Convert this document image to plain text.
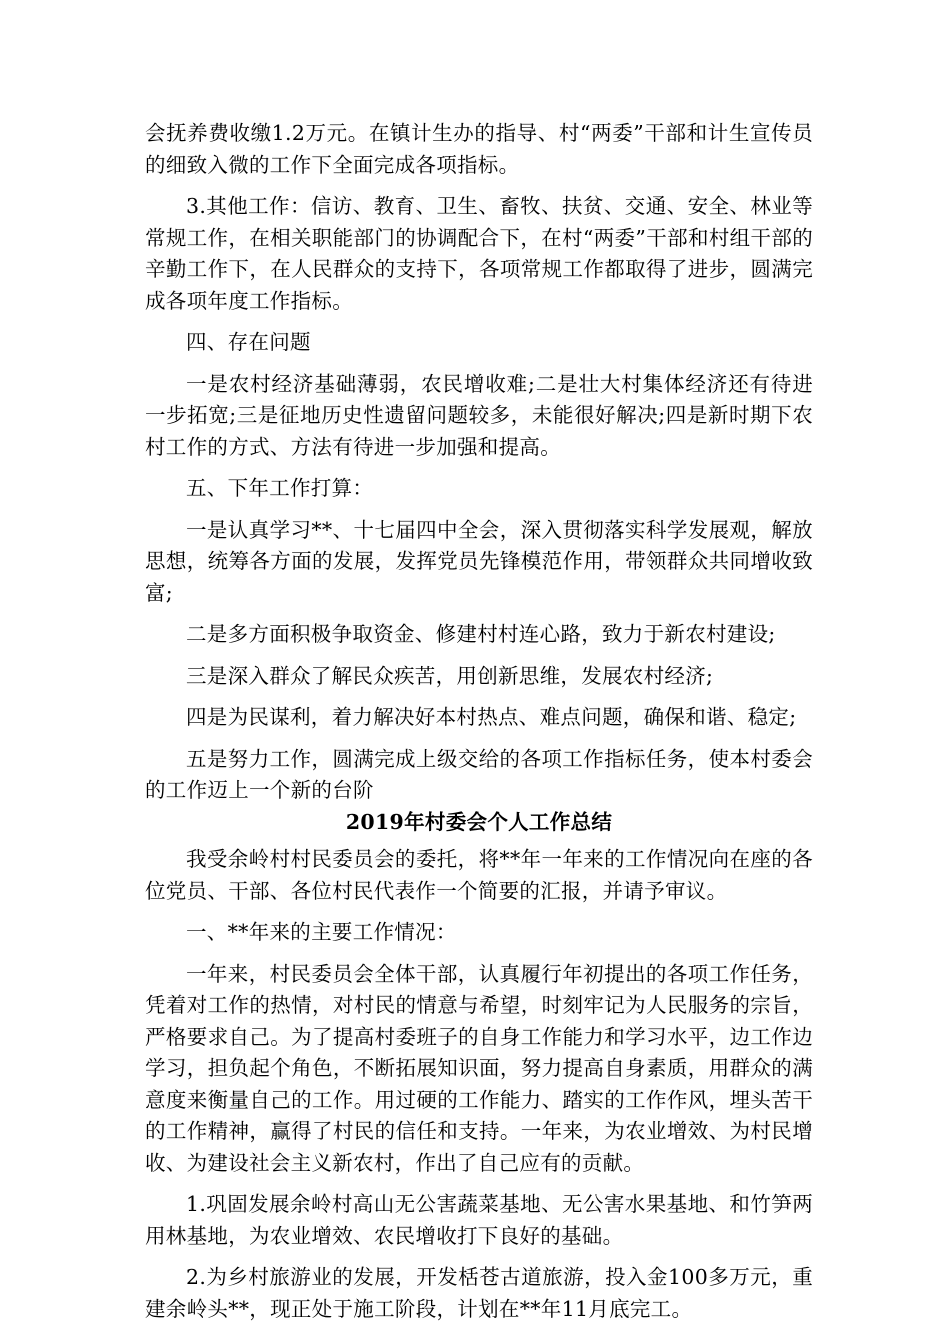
会抚养费收缴1.2万元。在镇计生办的指导、村“两委”干部和计生宣传员的细致入微的工作下全面完成各项指标。

3.其他工作：信访、教育、卫生、畜牧、扶贫、交通、安全、林业等常规工作，在相关职能部门的协调配合下，在村“两委”干部和村组干部的辛勤工作下，在人民群众的支持下，各项常规工作都取得了进步，圆满完成各项年度工作指标。

四、存在问题

一是农村经济基础薄弱，农民增收难;二是壮大村集体经济还有待进一步拓宽;三是征地历史性遗留问题较多，未能很好解决;四是新时期下农村工作的方式、方法有待进一步加强和提高。

五、下年工作打算：

一是认真学习**、十七届四中全会，深入贯彻落实科学发展观，解放思想，统筹各方面的发展，发挥党员先锋模范作用，带领群众共同增收致富;

二是多方面积极争取资金、修建村村连心路，致力于新农村建设;

三是深入群众了解民众疾苦，用创新思维，发展农村经济;

四是为民谋利，着力解决好本村热点、难点问题，确保和谐、稳定;

五是努力工作，圆满完成上级交给的各项工作指标任务，使本村委会的工作迈上一个新的台阶

2019年村委会个人工作总结

我受余岭村村民委员会的委托，将**年一年来的工作情况向在座的各位党员、干部、各位村民代表作一个简要的汇报，并请予审议。

一、**年来的主要工作情况：

一年来，村民委员会全体干部，认真履行年初提出的各项工作任务，凭着对工作的热情，对村民的情意与希望，时刻牢记为人民服务的宗旨，严格要求自己。为了提高村委班子的自身工作能力和学习水平，边工作边学习，担负起个角色，不断拓展知识面，努力提高自身素质，用群众的满意度来衡量自己的工作。用过硬的工作能力、踏实的工作作风，埋头苦干的工作精神，赢得了村民的信任和支持。一年来，为农业增效、为村民增收、为建设社会主义新农村，作出了自己应有的贡献。

1.巩固发展余岭村高山无公害蔬菜基地、无公害水果基地、和竹笋两用林基地，为农业增效、农民增收打下良好的基础。

2.为乡村旅游业的发展，开发栝苍古道旅游，投入金100多万元，重建余岭头**，现正处于施工阶段，计划在**年11月底完工。
